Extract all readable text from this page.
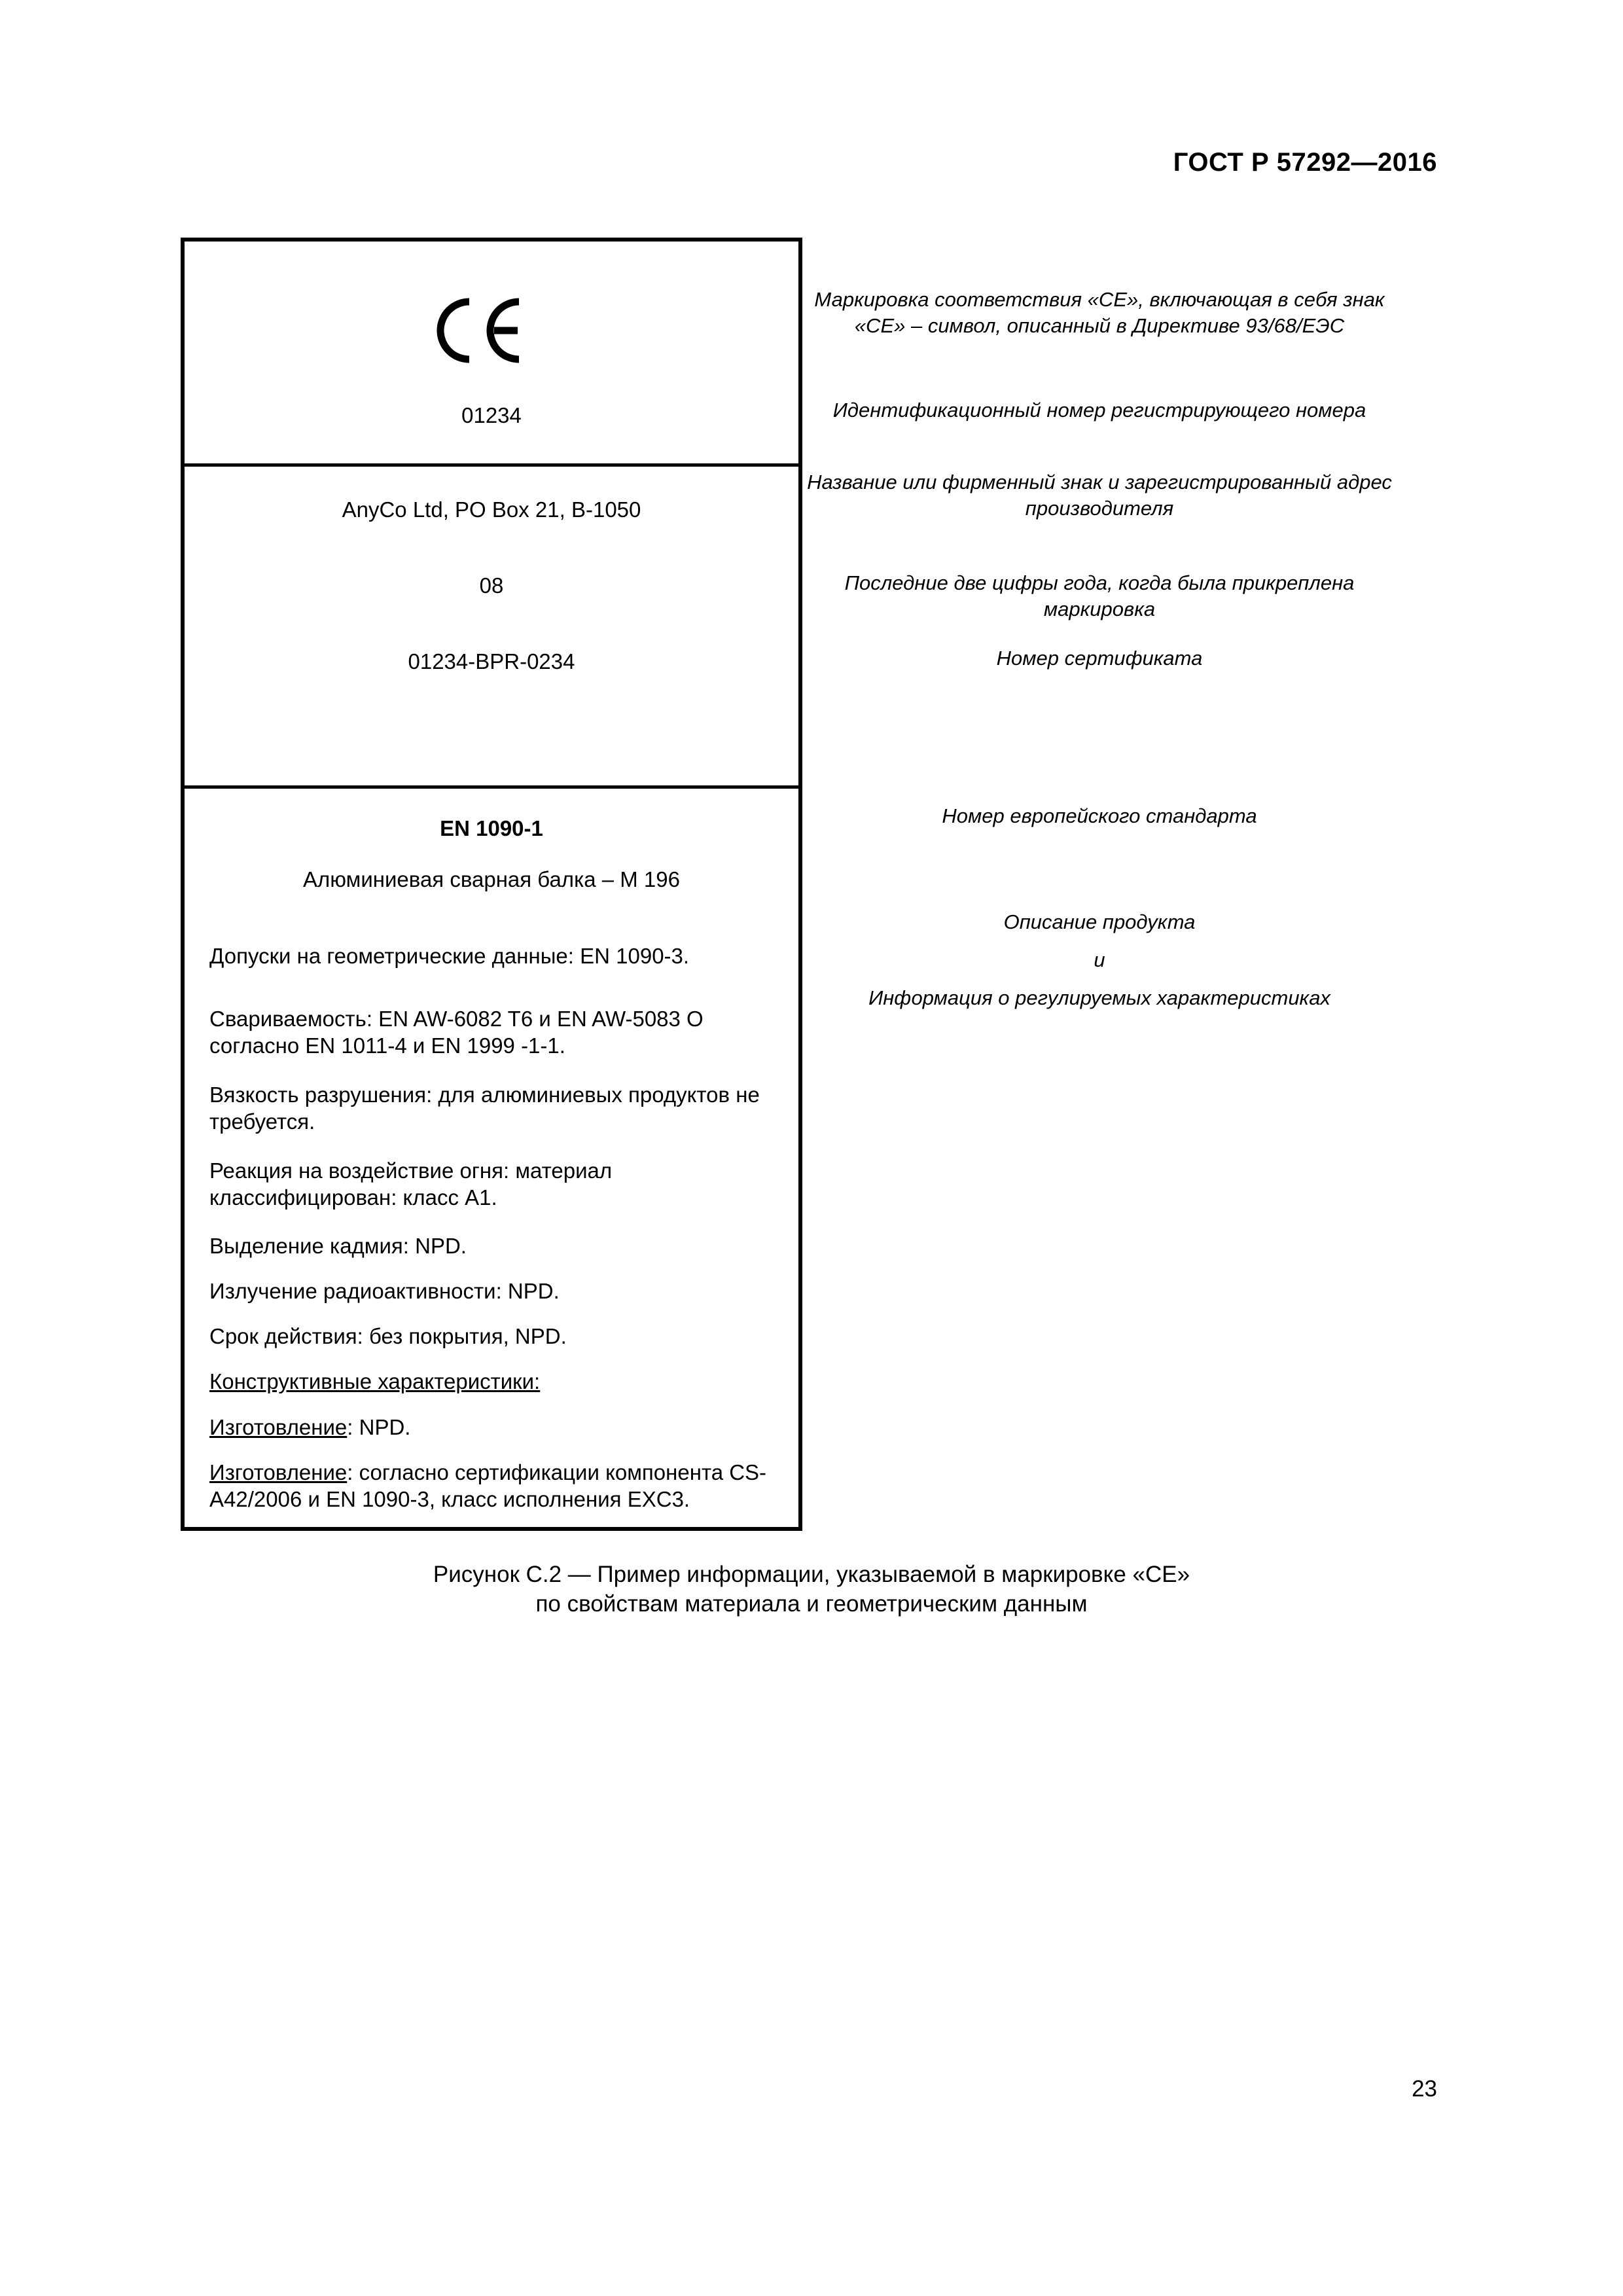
ГОСТ Р 57292—2016
01234
AnyCo Ltd, PO Box 21, B-1050
08
01234-BPR-0234
EN 1090-1
Алюминиевая сварная балка – M 196
Допуски на геометрические данные: EN 1090-3.
Свариваемость: EN AW-6082 T6 и EN AW-5083 O согласно EN 1011-4 и EN 1999 -1-1.
Вязкость разрушения: для алюминиевых продуктов не требуется.
Реакция на воздействие огня: материал классифицирован: класс A1.
Выделение кадмия: NPD.
Излучение радиоактивности: NPD.
Срок действия: без покрытия, NPD.
Конструктивные характеристики:
Изготовление: NPD.
Изготовление: согласно сертификации компонента CS-A42/2006 и EN 1090-3, класс исполнения EXC3.
Маркировка соответствия «CE», включающая в себя знак «CE» – символ, описанный в Директиве 93/68/ЕЭС
Идентификационный номер регистрирующего номера
Название или фирменный знак и зарегистрированный адрес производителя
Последние две цифры года, когда была прикреплена маркировка
Номер сертификата
Номер европейского стандарта
Описание продукта
и
Информация о регулируемых характеристиках
Рисунок С.2 — Пример информации, указываемой в маркировке «CE»
по свойствам материала и геометрическим данным
23
